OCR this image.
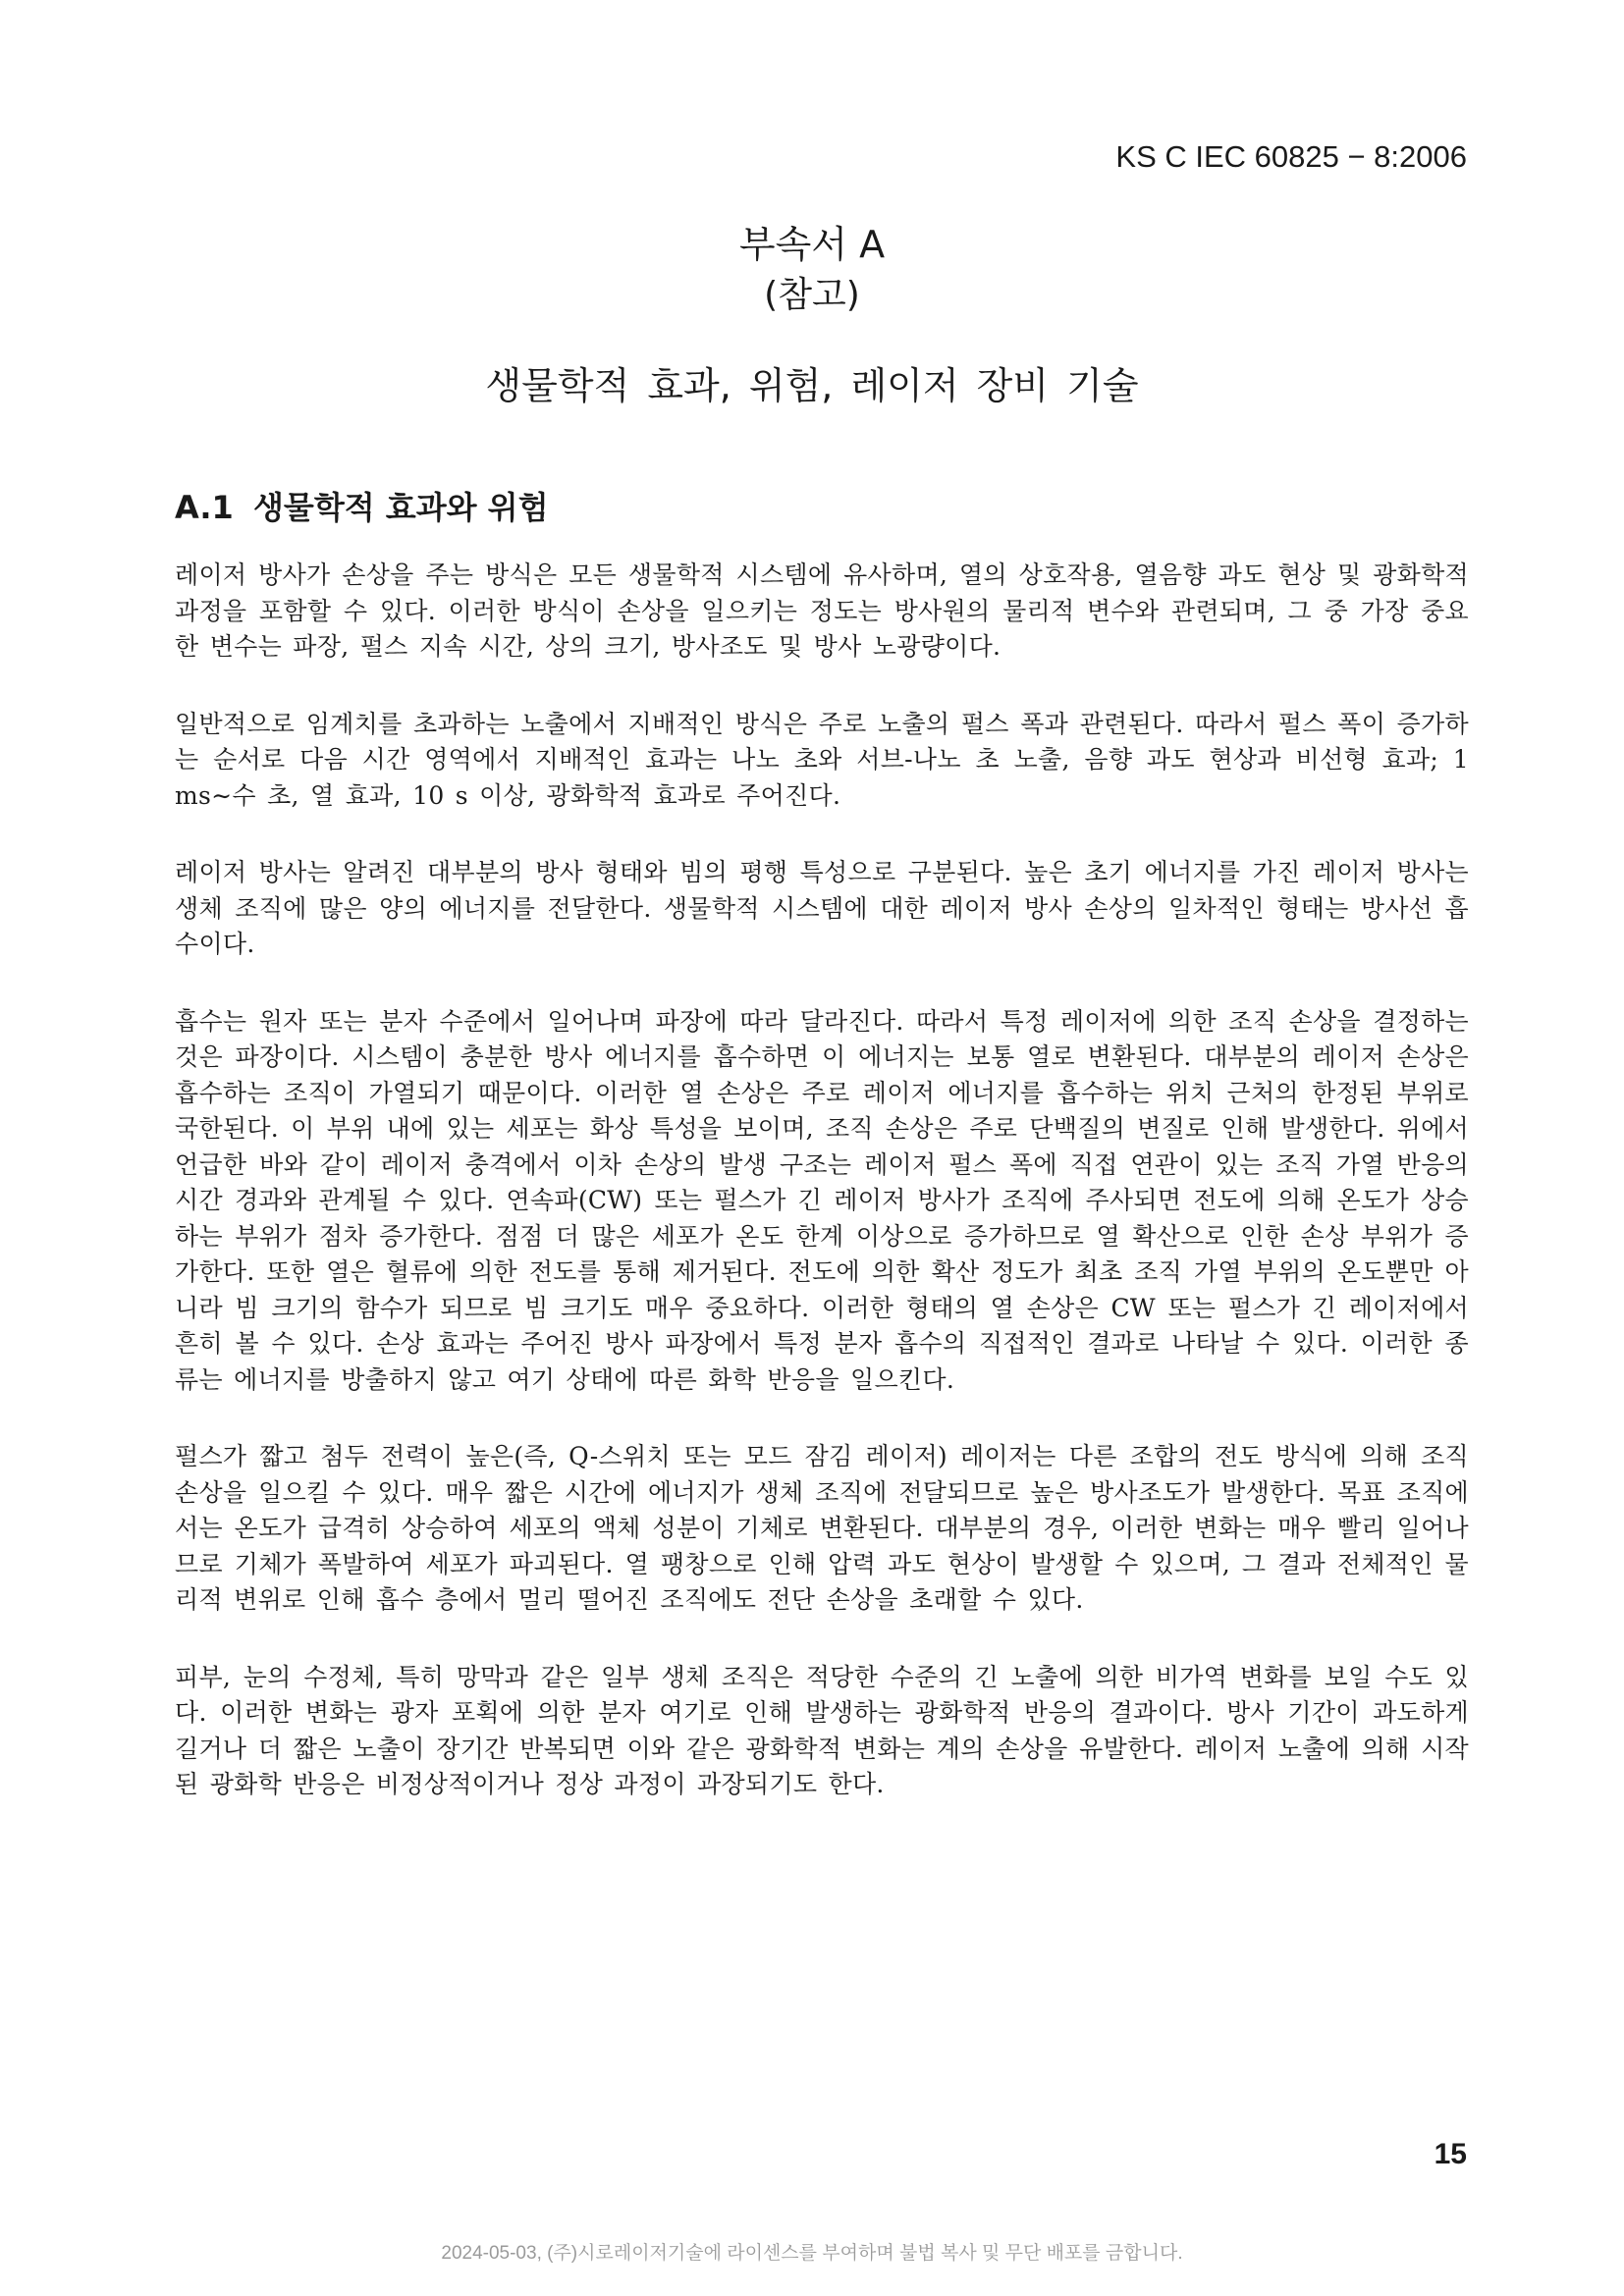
KS C IEC 60825 − 8:2006
부속서 A
(참고)
생물학적 효과, 위험, 레이저 장비 기술
A.1 생물학적 효과와 위험

레이저 방사가 손상을 주는 방식은 모든 생물학적 시스템에 유사하며, 열의 상호작용, 열음향 과도 현상 및 광화학적 과정을 포함할 수 있다. 이러한 방식이 손상을 일으키는 정도는 방사원의 물리적 변수와 관련되며, 그 중 가장 중요한 변수는 파장, 펄스 지속 시간, 상의 크기, 방사조도 및 방사 노광량이다.

일반적으로 임계치를 초과하는 노출에서 지배적인 방식은 주로 노출의 펄스 폭과 관련된다. 따라서 펄스 폭이 증가하는 순서로 다음 시간 영역에서 지배적인 효과는 나노 초와 서브-나노 초 노출, 음향 과도 현상과 비선형 효과; 1 ms∼수 초, 열 효과, 10 s 이상, 광화학적 효과로 주어진다.

레이저 방사는 알려진 대부분의 방사 형태와 빔의 평행 특성으로 구분된다. 높은 초기 에너지를 가진 레이저 방사는 생체 조직에 많은 양의 에너지를 전달한다. 생물학적 시스템에 대한 레이저 방사 손상의 일차적인 형태는 방사선 흡수이다.

흡수는 원자 또는 분자 수준에서 일어나며 파장에 따라 달라진다. 따라서 특정 레이저에 의한 조직 손상을 결정하는 것은 파장이다. 시스템이 충분한 방사 에너지를 흡수하면 이 에너지는 보통 열로 변환된다. 대부분의 레이저 손상은 흡수하는 조직이 가열되기 때문이다. 이러한 열 손상은 주로 레이저 에너지를 흡수하는 위치 근처의 한정된 부위로 국한된다. 이 부위 내에 있는 세포는 화상 특성을 보이며, 조직 손상은 주로 단백질의 변질로 인해 발생한다. 위에서 언급한 바와 같이 레이저 충격에서 이차 손상의 발생 구조는 레이저 펄스 폭에 직접 연관이 있는 조직 가열 반응의 시간 경과와 관계될 수 있다. 연속파(CW) 또는 펄스가 긴 레이저 방사가 조직에 주사되면 전도에 의해 온도가 상승하는 부위가 점차 증가한다. 점점 더 많은 세포가 온도 한계 이상으로 증가하므로 열 확산으로 인한 손상 부위가 증가한다. 또한 열은 혈류에 의한 전도를 통해 제거된다. 전도에 의한 확산 정도가 최초 조직 가열 부위의 온도뿐만 아니라 빔 크기의 함수가 되므로 빔 크기도 매우 중요하다. 이러한 형태의 열 손상은 CW 또는 펄스가 긴 레이저에서 흔히 볼 수 있다. 손상 효과는 주어진 방사 파장에서 특정 분자 흡수의 직접적인 결과로 나타날 수 있다. 이러한 종류는 에너지를 방출하지 않고 여기 상태에 따른 화학 반응을 일으킨다.

펄스가 짧고 첨두 전력이 높은(즉, Q-스위치 또는 모드 잠김 레이저) 레이저는 다른 조합의 전도 방식에 의해 조직 손상을 일으킬 수 있다. 매우 짧은 시간에 에너지가 생체 조직에 전달되므로 높은 방사조도가 발생한다. 목표 조직에서는 온도가 급격히 상승하여 세포의 액체 성분이 기체로 변환된다. 대부분의 경우, 이러한 변화는 매우 빨리 일어나므로 기체가 폭발하여 세포가 파괴된다. 열 팽창으로 인해 압력 과도 현상이 발생할 수 있으며, 그 결과 전체적인 물리적 변위로 인해 흡수 층에서 멀리 떨어진 조직에도 전단 손상을 초래할 수 있다.

피부, 눈의 수정체, 특히 망막과 같은 일부 생체 조직은 적당한 수준의 긴 노출에 의한 비가역 변화를 보일 수도 있다. 이러한 변화는 광자 포획에 의한 분자 여기로 인해 발생하는 광화학적 반응의 결과이다. 방사 기간이 과도하게 길거나 더 짧은 노출이 장기간 반복되면 이와 같은 광화학적 변화는 계의 손상을 유발한다. 레이저 노출에 의해 시작된 광화학 반응은 비정상적이거나 정상 과정이 과장되기도 한다.

15
2024-05-03, (주)시로레이저기술에 라이센스를 부여하며 불법 복사 및 무단 배포를 금합니다.
